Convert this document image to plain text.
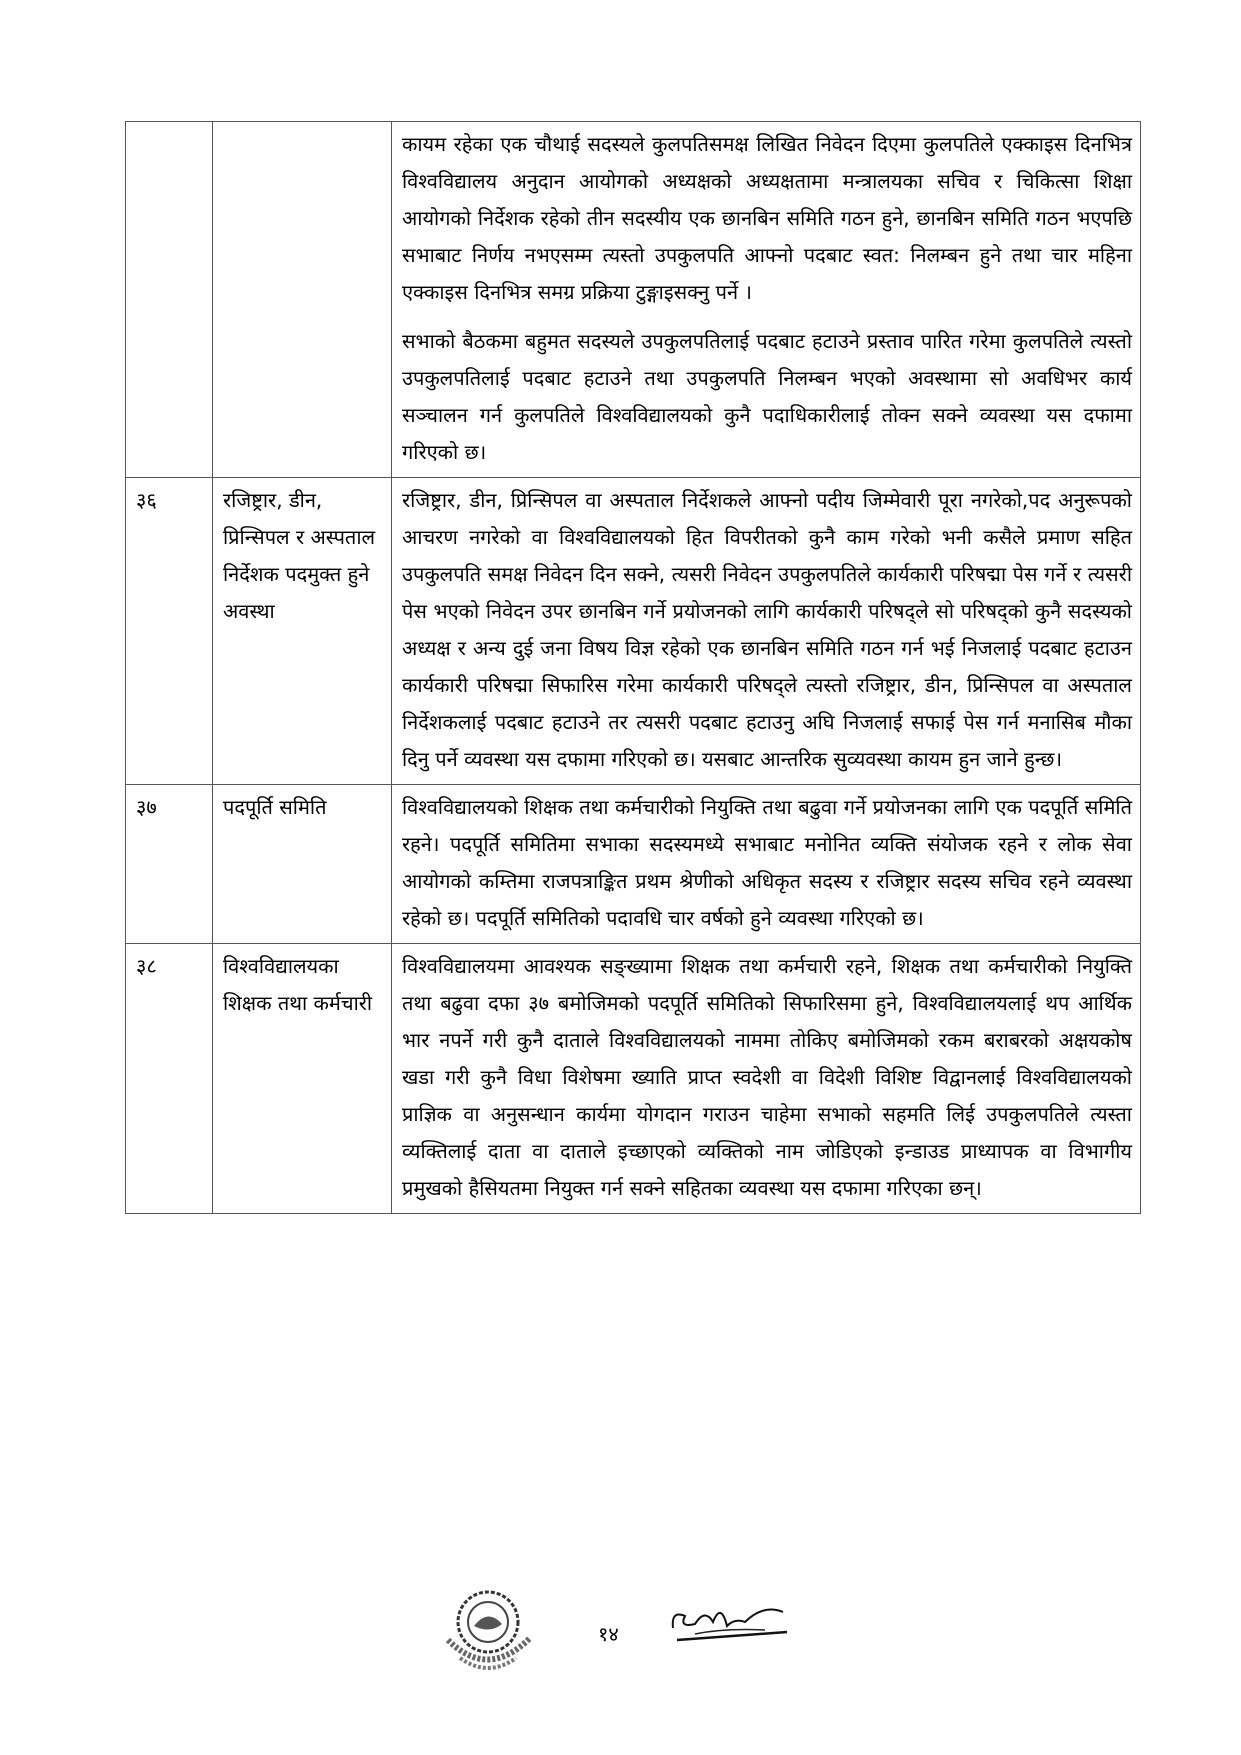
		कायम रहेका एक चौथाई सदस्यले कुलपतिसमक्ष लिखित निवेदन दिएमा कुलपतिले एक्काइस दिनभित्र विश्वविद्यालय अनुदान आयोगको अध्यक्षको अध्यक्षतामा मन्त्रालयका सचिव र चिकित्सा शिक्षा आयोगको निर्देशक रहेको तीन सदस्यीय एक छानबिन समिति गठन हुने, छानबिन समिति गठन भएपछि सभाबाट निर्णय नभएसम्म त्यस्तो उपकुलपति आफ्नो पदबाट स्वत: निलम्बन हुने तथा चार महिना एक्काइस दिनभित्र समग्र प्रक्रिया टुङ्गाइसक्नु पर्ने ।

सभाको बैठकमा बहुमत सदस्यले उपकुलपतिलाई पदबाट हटाउने प्रस्ताव पारित गरेमा कुलपतिले त्यस्तो उपकुलपतिलाई पदबाट हटाउने तथा उपकुलपति निलम्बन भएको अवस्थामा सो अवधिभर कार्य सञ्चालन गर्न कुलपतिले विश्वविद्यालयको कुनै पदाधिकारीलाई तोक्न सक्ने व्यवस्था यस दफामा गरिएको छ।

३६	रजिष्ट्रार, डीन, प्रिन्सिपल र अस्पताल निर्देशक पदमुक्त हुने अवस्था	रजिष्ट्रार, डीन, प्रिन्सिपल वा अस्पताल निर्देशकले आफ्नो पदीय जिम्मेवारी पूरा नगरेको,पद अनुरूपको आचरण नगरेको वा विश्वविद्यालयको हित विपरीतको कुनै काम गरेको भनी कसैले प्रमाण सहित उपकुलपति समक्ष निवेदन दिन सक्ने, त्यसरी निवेदन उपकुलपतिले कार्यकारी परिषद्मा पेस गर्ने र त्यसरी पेस भएको निवेदन उपर छानबिन गर्ने प्रयोजनको लागि कार्यकारी परिषद्ले सो परिषद्को कुनै सदस्यको अध्यक्ष र अन्य दुई जना विषय विज्ञ रहेको एक छानबिन समिति गठन गर्न भई निजलाई पदबाट हटाउन कार्यकारी परिषद्मा सिफारिस गरेमा कार्यकारी परिषद्ले त्यस्तो रजिष्ट्रार, डीन, प्रिन्सिपल वा अस्पताल निर्देशकलाई पदबाट हटाउने तर त्यसरी पदबाट हटाउनु अघि निजलाई सफाई पेस गर्न मनासिब मौका दिनु पर्ने व्यवस्था यस दफामा गरिएको छ। यसबाट आन्तरिक सुव्यवस्था कायम हुन जाने हुन्छ।

३७	पदपूर्ति समिति	विश्वविद्यालयको शिक्षक तथा कर्मचारीको नियुक्ति तथा बढुवा गर्ने प्रयोजनका लागि एक पदपूर्ति समिति रहने। पदपूर्ति समितिमा सभाका सदस्यमध्ये सभाबाट मनोनित व्यक्ति संयोजक रहने र लोक सेवा आयोगको कम्तिमा राजपत्राङ्कित प्रथम श्रेणीको अधिकृत सदस्य र रजिष्ट्रार सदस्य सचिव रहने व्यवस्था रहेको छ। पदपूर्ति समितिको पदावधि चार वर्षको हुने व्यवस्था गरिएको छ।

३८	विश्वविद्यालयका शिक्षक तथा कर्मचारी	विश्वविद्यालयमा आवश्यक सङ्ख्यामा शिक्षक तथा कर्मचारी रहने, शिक्षक तथा कर्मचारीको नियुक्ति तथा बढुवा दफा ३७ बमोजिमको पदपूर्ति समितिको सिफारिसमा हुने, विश्वविद्यालयलाई थप आर्थिक भार नपर्ने गरी कुनै दाताले विश्वविद्यालयको नाममा तोकिए बमोजिमको रकम बराबरको अक्षयकोष खडा गरी कुनै विधा विशेषमा ख्याति प्राप्त स्वदेशी वा विदेशी विशिष्ट विद्वानलाई विश्वविद्यालयको प्राज्ञिक वा अनुसन्धान कार्यमा योगदान गराउन चाहेमा सभाको सहमति लिई उपकुलपतिले त्यस्ता व्यक्तिलाई दाता वा दाताले इच्छाएको व्यक्तिको नाम जोडिएको इन्डाउड प्राध्यापक वा विभागीय प्रमुखको हैसियतमा नियुक्त गर्न सक्ने सहितका व्यवस्था यस दफामा गरिएका छन्।

१४
